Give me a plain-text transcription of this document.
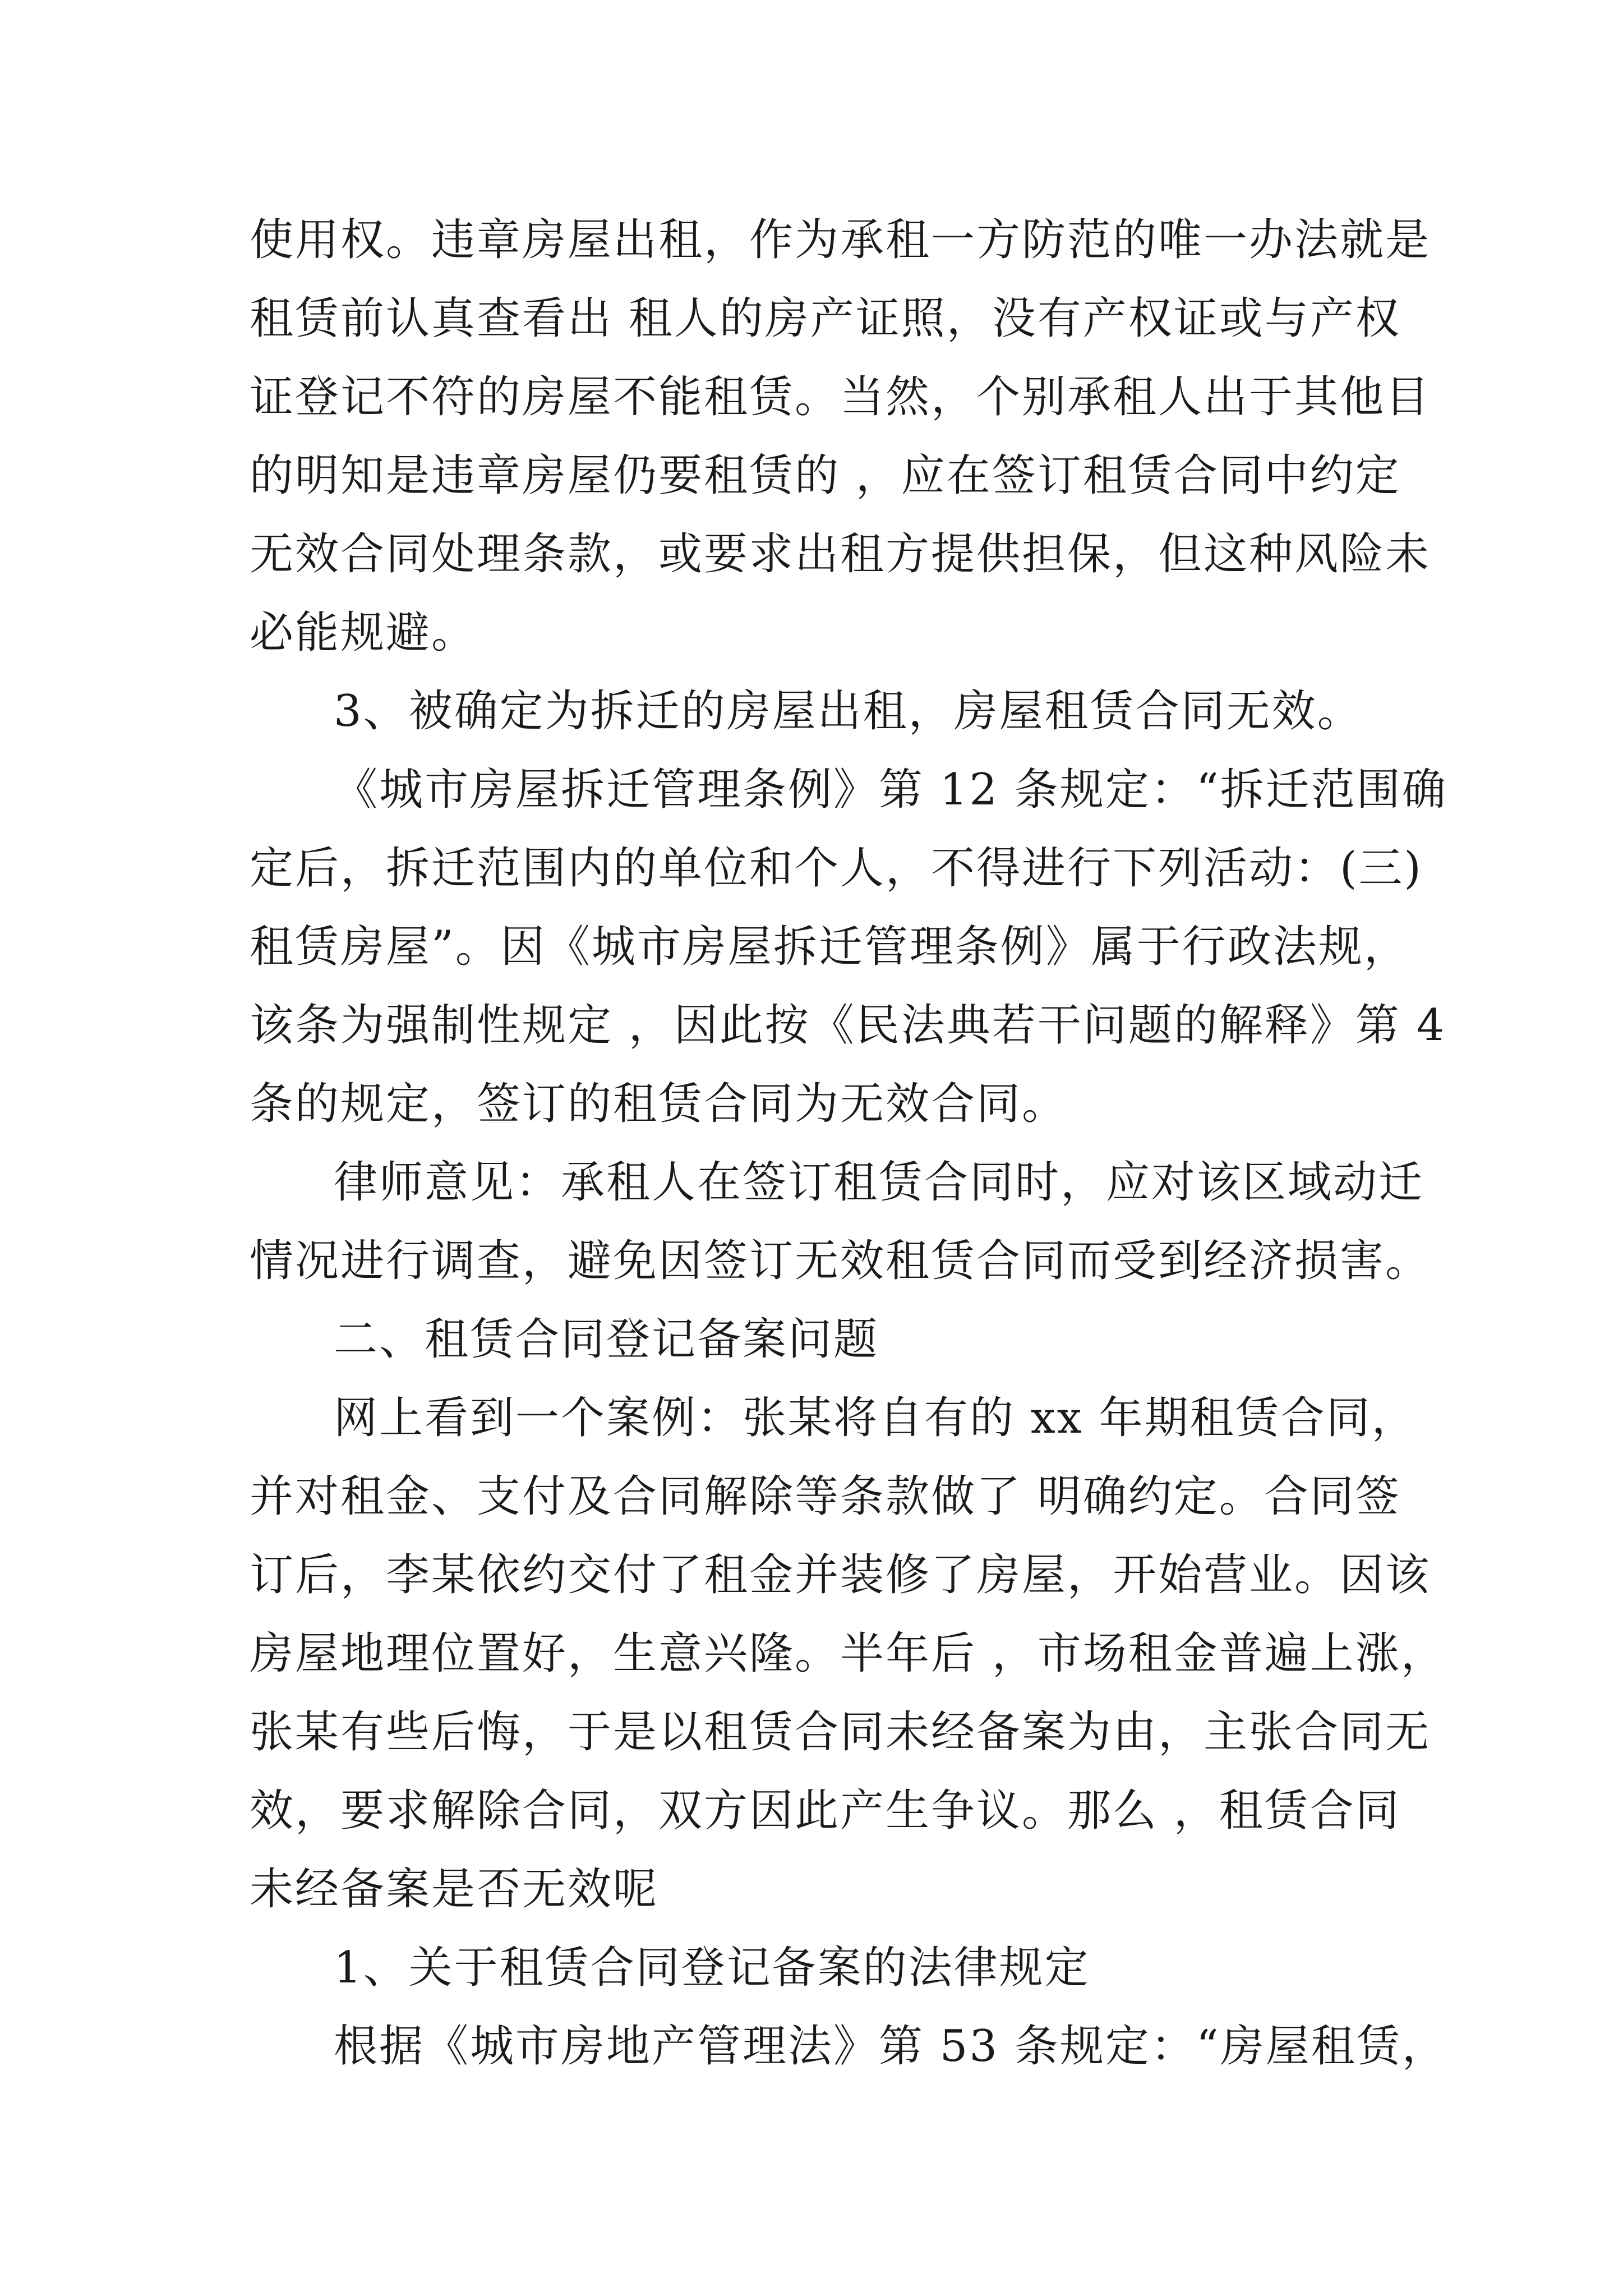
使用权。违章房屋出租，作为承租一方防范的唯一办法就是
租赁前认真查看出 租人的房产证照，没有产权证或与产权
证登记不符的房屋不能租赁。当然，个别承租人出于其他目
的明知是违章房屋仍要租赁的 ，应在签订租赁合同中约定
无效合同处理条款，或要求出租方提供担保，但这种风险未
必能规避。
3、被确定为拆迁的房屋出租，房屋租赁合同无效。
《城市房屋拆迁管理条例》第 12 条规定：“拆迁范围确
定后，拆迁范围内的单位和个人，不得进行下列活动：(三)
租赁房屋”。因《城市房屋拆迁管理条例》属于行政法规，
该条为强制性规定 ，因此按《民法典若干问题的解释》第 4
条的规定，签订的租赁合同为无效合同。
律师意见：承租人在签订租赁合同时，应对该区域动迁
情况进行调查，避免因签订无效租赁合同而受到经济损害。
二、租赁合同登记备案问题
网上看到一个案例：张某将自有的 xx 年期租赁合同，
并对租金、支付及合同解除等条款做了 明确约定。合同签
订后，李某依约交付了租金并装修了房屋，开始营业。因该
房屋地理位置好，生意兴隆。半年后 ，市场租金普遍上涨，
张某有些后悔，于是以租赁合同未经备案为由，主张合同无
效，要求解除合同，双方因此产生争议。那么 ，租赁合同
未经备案是否无效呢
1、关于租赁合同登记备案的法律规定
根据《城市房地产管理法》第 53 条规定：“房屋租赁，
